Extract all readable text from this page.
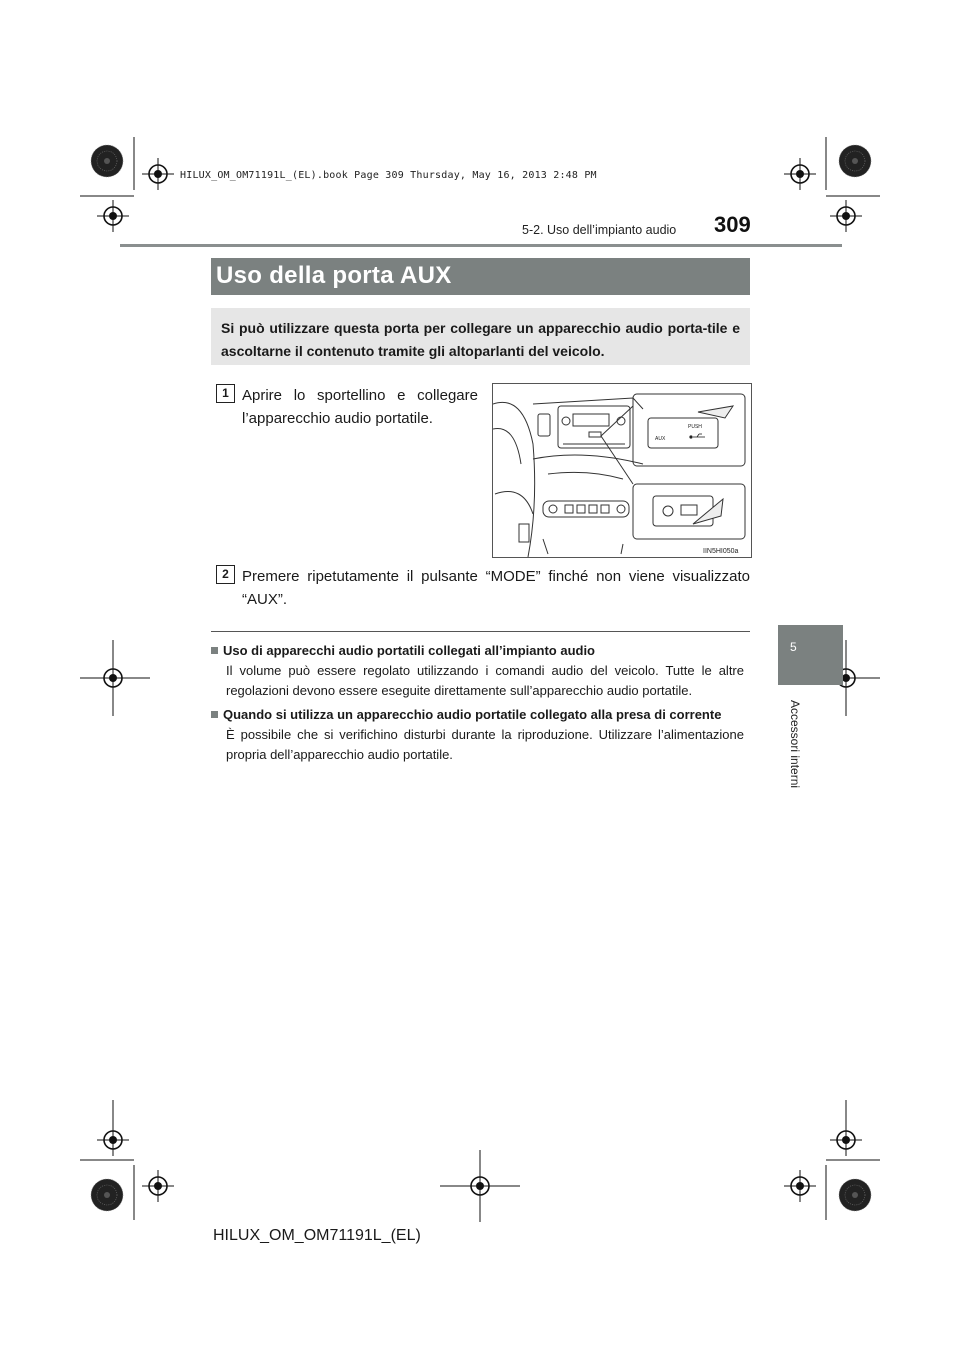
HILUX_OM_OM71191L_(EL).book Page 309 Thursday, May 16, 2013 2:48 PM
309
5-2. Uso dell’impianto audio
5
Accessori interni
Uso della porta AUX
Si può utilizzare questa porta per collegare un apparecchio audio porta-tile e ascoltarne il contenuto tramite gli altoparlanti del veicolo.
1 Aprire lo sportellino e collegare l’apparecchio audio portatile.	PUSH
AUX
IIN5HI050a
2 Premere ripetutamente il pulsante “MODE” finché non viene visualizzato “AUX”.
Uso di apparecchi audio portatili collegati all’impianto audio
Il volume può essere regolato utilizzando i comandi audio del veicolo. Tutte le altre regolazioni devono essere eseguite direttamente sull’apparecchio audio portatile.
Quando si utilizza un apparecchio audio portatile collegato alla presa di corrente
È possibile che si verifichino disturbi durante la riproduzione. Utilizzare l’alimentazione propria dell’apparecchio audio portatile.
HILUX_OM_OM71191L_(EL)
